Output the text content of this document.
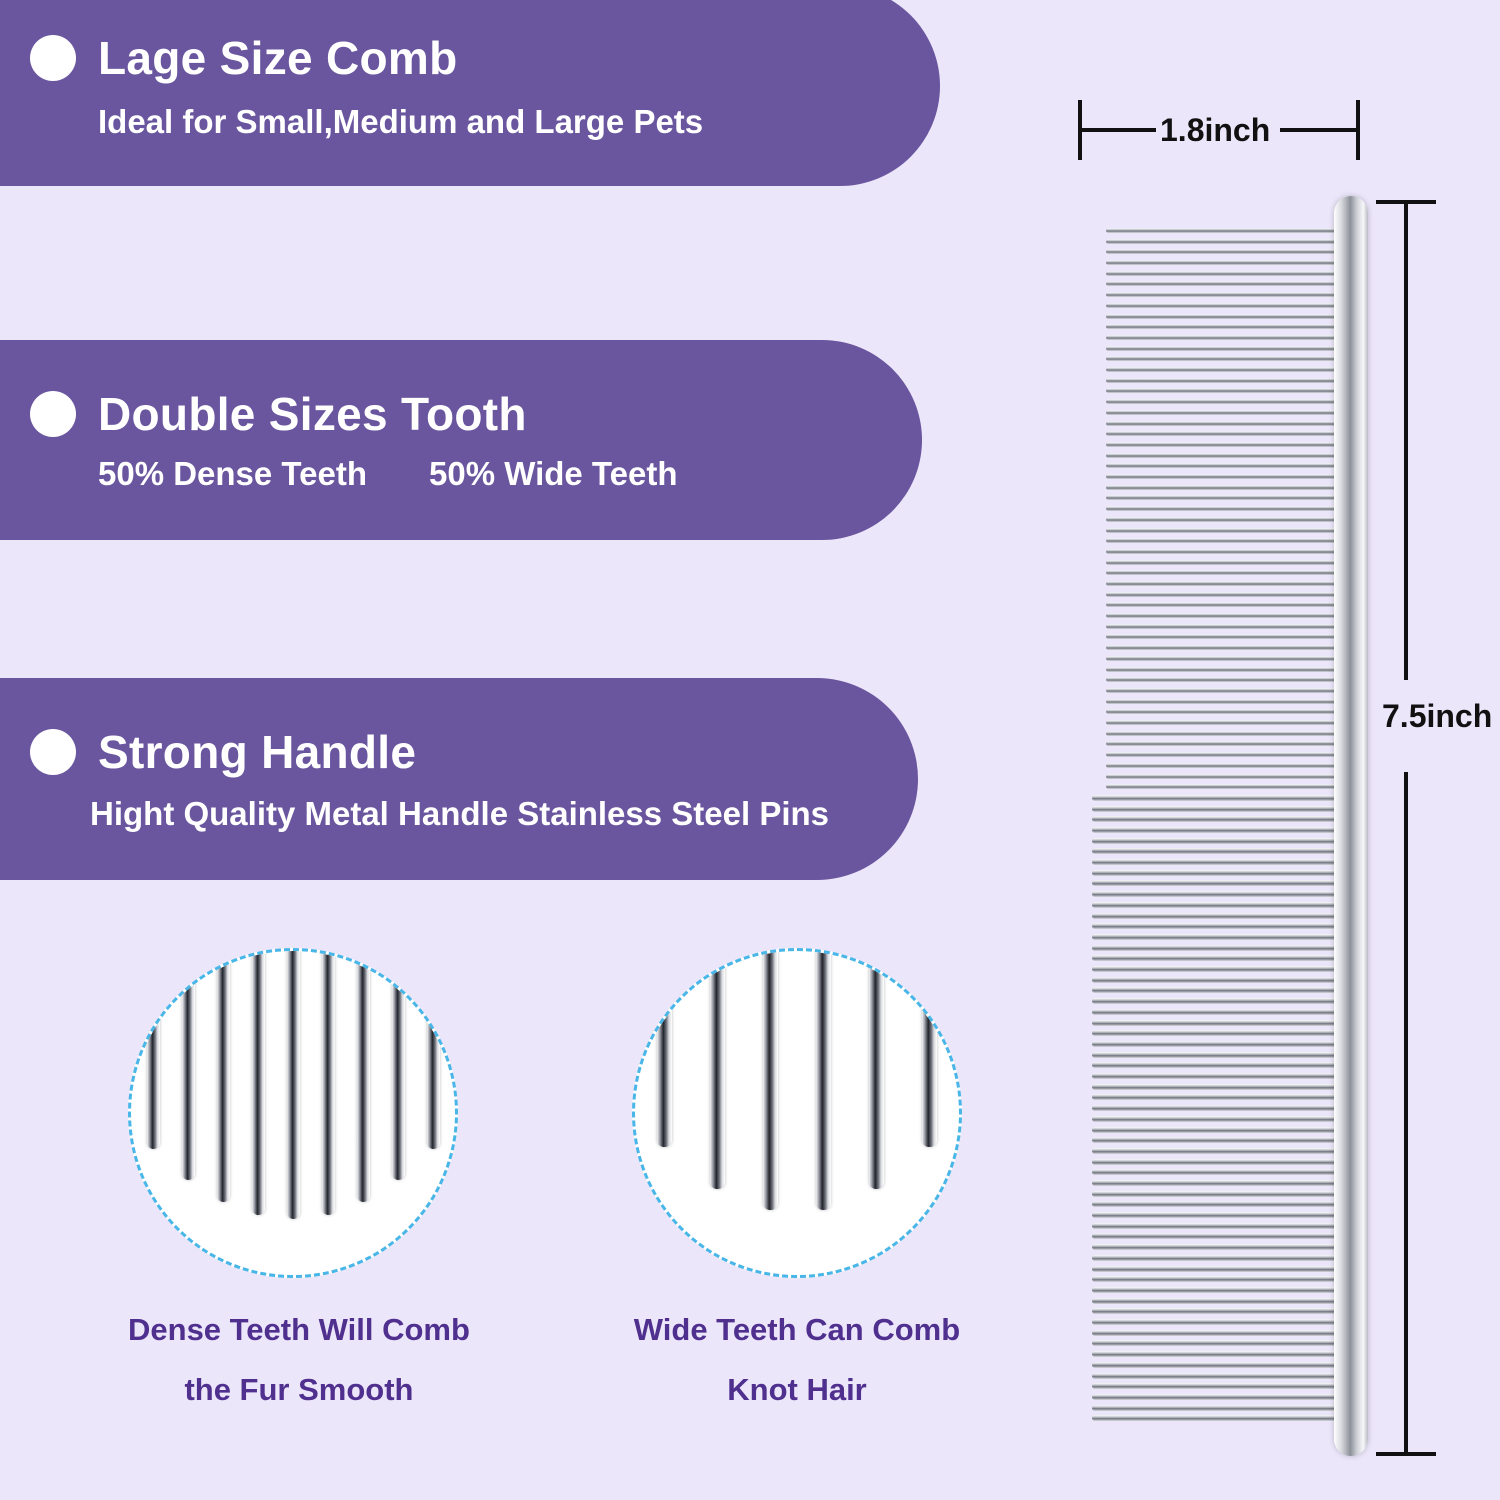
Lage Size Comb
Ideal for Small,Medium and Large Pets
Double Sizes Tooth
50% Dense Teeth 50% Wide Teeth
Strong Handle
Hight Quality Metal Handle Stainless Steel Pins
Dense Teeth Will Comb
the Fur Smooth
Wide Teeth Can Comb
Knot Hair
1.8inch
7.5inch
